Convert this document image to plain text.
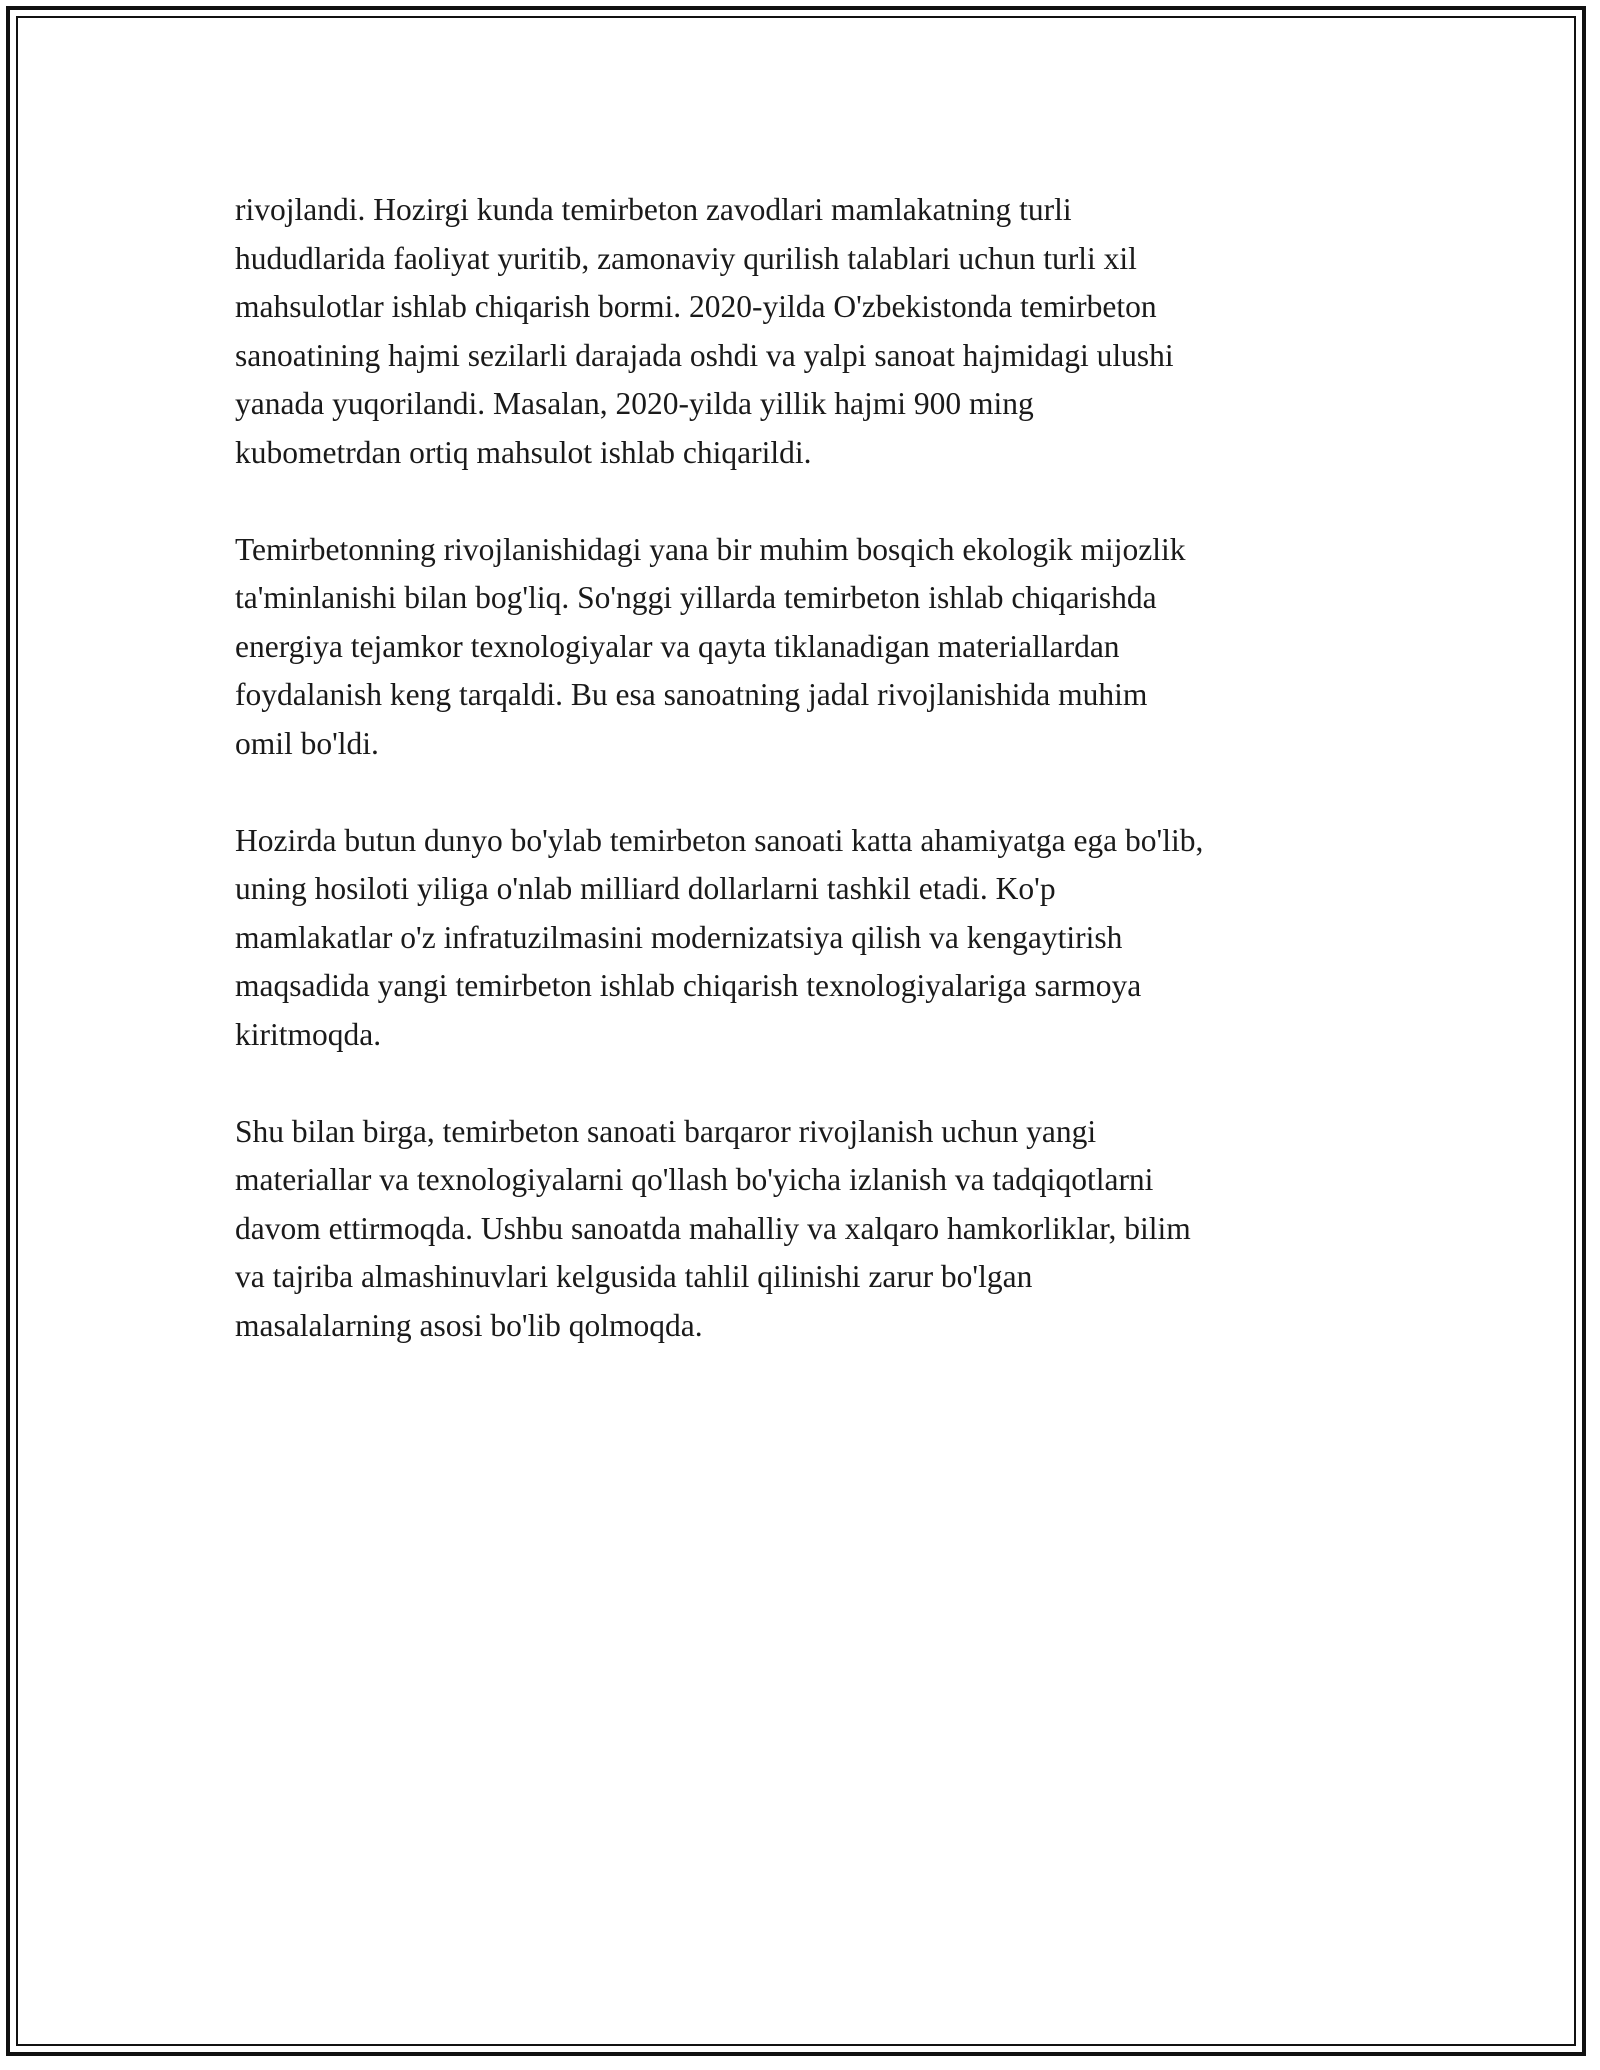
rivojlandi. Hozirgi kunda temirbeton zavodlari mamlakatning turli
hududlarida faoliyat yuritib, zamonaviy qurilish talablari uchun turli xil
mahsulotlar ishlab chiqarish bormi. 2020-yilda O'zbekistonda temirbeton
sanoatining hajmi sezilarli darajada oshdi va yalpi sanoat hajmidagi ulushi
yanada yuqorilandi. Masalan, 2020-yilda yillik hajmi 900 ming
kubometrdan ortiq mahsulot ishlab chiqarildi.

Temirbetonning rivojlanishidagi yana bir muhim bosqich ekologik mijozlik
ta'minlanishi bilan bog'liq. So'nggi yillarda temirbeton ishlab chiqarishda
energiya tejamkor texnologiyalar va qayta tiklanadigan materiallardan
foydalanish keng tarqaldi. Bu esa sanoatning jadal rivojlanishida muhim
omil bo'ldi.

Hozirda butun dunyo bo'ylab temirbeton sanoati katta ahamiyatga ega bo'lib,
uning hosiloti yiliga o'nlab milliard dollarlarni tashkil etadi. Ko'p
mamlakatlar o'z infratuzilmasini modernizatsiya qilish va kengaytirish
maqsadida yangi temirbeton ishlab chiqarish texnologiyalariga sarmoya
kiritmoqda.

Shu bilan birga, temirbeton sanoati barqaror rivojlanish uchun yangi
materiallar va texnologiyalarni qo'llash bo'yicha izlanish va tadqiqotlarni
davom ettirmoqda. Ushbu sanoatda mahalliy va xalqaro hamkorliklar, bilim
va tajriba almashinuvlari kelgusida tahlil qilinishi zarur bo'lgan
masalalarning asosi bo'lib qolmoqda.
